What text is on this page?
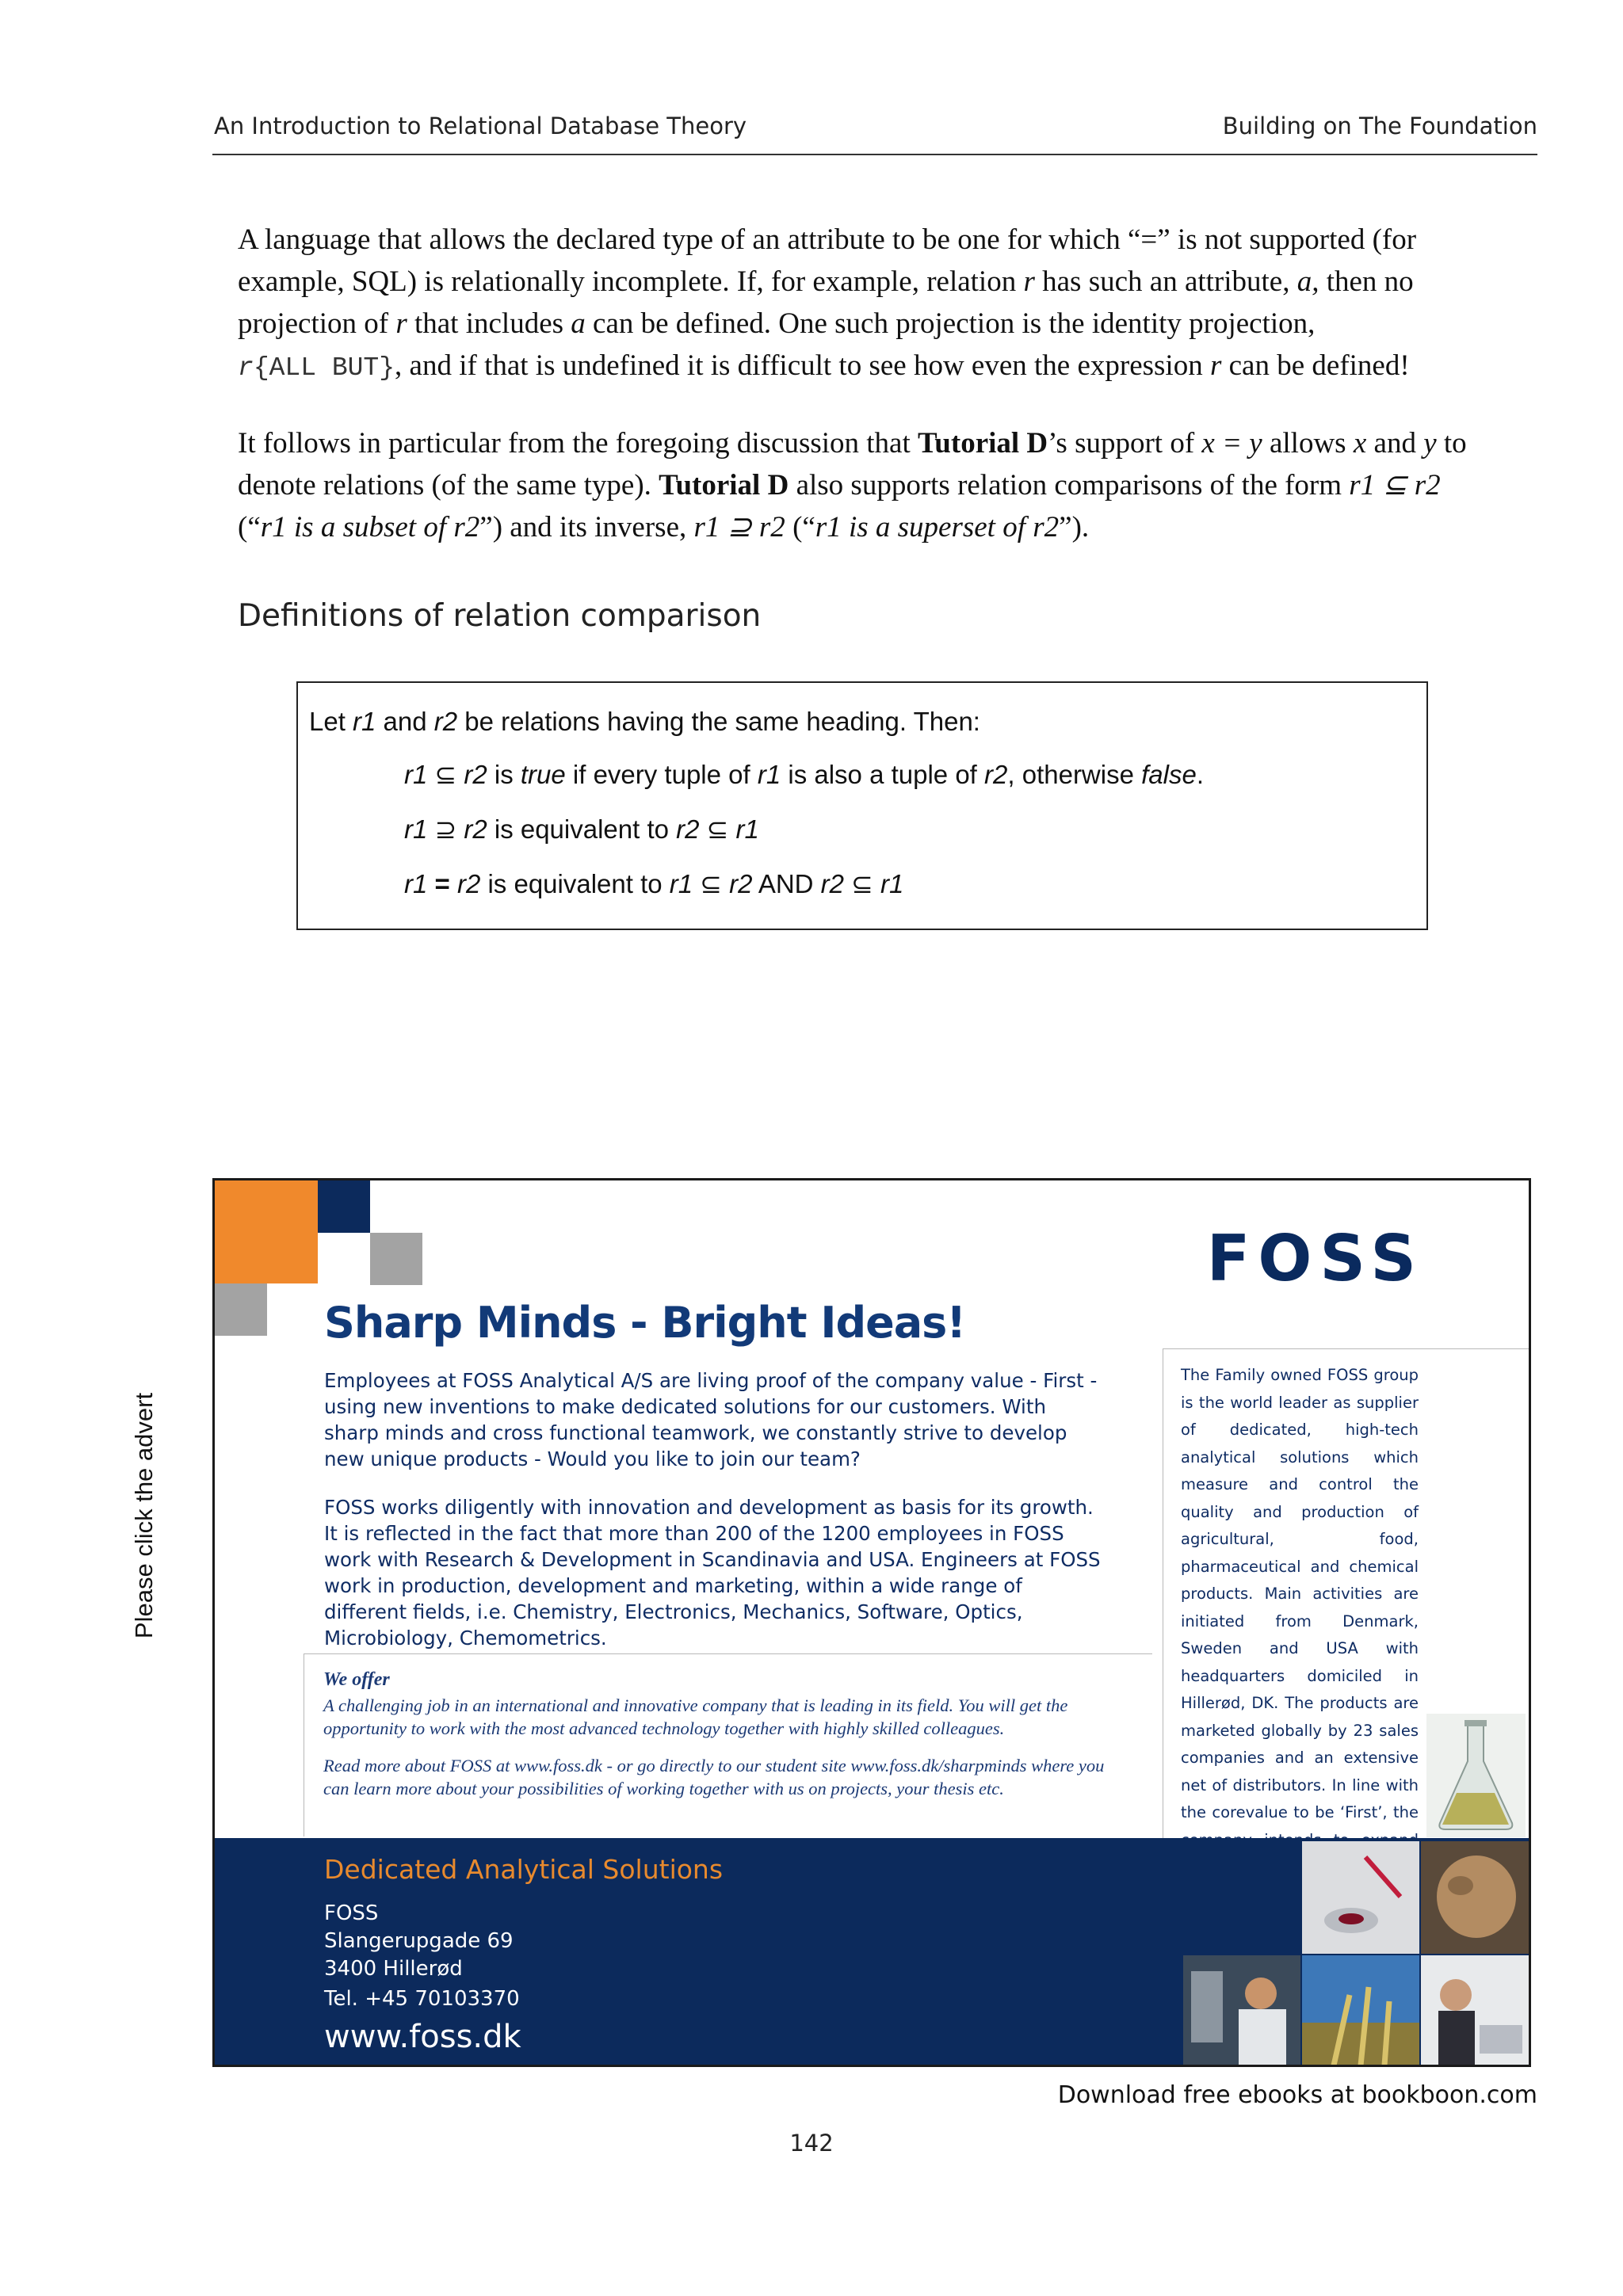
An Introduction to Relational Database Theory	Building on The Foundation
A language that allows the declared type of an attribute to be one for which “=” is not supported (for example, SQL) is relationally incomplete. If, for example, relation r has such an attribute, a, then no projection of r that includes a can be defined. One such projection is the identity projection,
r{ALL BUT}, and if that is undefined it is difficult to see how even the expression r can be defined!
It follows in particular from the foregoing discussion that Tutorial D’s support of x = y allows x and y to denote relations (of the same type). Tutorial D also supports relation comparisons of the form r1 ⊆ r2 (“r1 is a subset of r2”) and its inverse, r1 ⊇ r2 (“r1 is a superset of r2”).
Definitions of relation comparison
Let r1 and r2 be relations having the same heading. Then:
r1 ⊆ r2 is true if every tuple of r1 is also a tuple of r2, otherwise false.
r1 ⊇ r2 is equivalent to r2 ⊆ r1
r1 = r2 is equivalent to r1 ⊆ r2 AND r2 ⊆ r1
Please click the advert
FOSS
Sharp Minds - Bright Ideas!
Employees at FOSS Analytical A/S are living proof of the company value - First - using new inventions to make dedicated solutions for our customers. With sharp minds and cross functional teamwork, we constantly strive to develop new unique products - Would you like to join our team?
FOSS works diligently with innovation and development as basis for its growth. It is reflected in the fact that more than 200 of the 1200 employees in FOSS work with Research & Development in Scandinavia and USA. Engineers at FOSS work in production, development and marketing, within a wide range of different fields, i.e. Chemistry, Electronics, Mechanics, Software, Optics, Microbiology, Chemometrics.
We offer
A challenging job in an international and innovative company that is leading in its field. You will get the opportunity to work with the most advanced technology together with highly skilled colleagues.
Read more about FOSS at www.foss.dk - or go directly to our student site www.foss.dk/sharpminds where you can learn more about your possibilities of working together with us on projects, your thesis etc.
The Family owned FOSS group is the world leader as supplier of dedicated, high-tech analytical solutions which measure and control the quality and production of agricultural, food, pharmaceutical and chemical products. Main activities are initiated from Denmark, Sweden and USA with headquarters domiciled in Hillerød, DK. The products are marketed globally by 23 sales companies and an extensive net of distributors. In line with the corevalue to be ‘First’, the
Dedicated Analytical Solutions
FOSS
Slangerupgade 69
3400 Hillerød
Tel. +45 70103370
www.foss.dk
Download free ebooks at bookboon.com
142
